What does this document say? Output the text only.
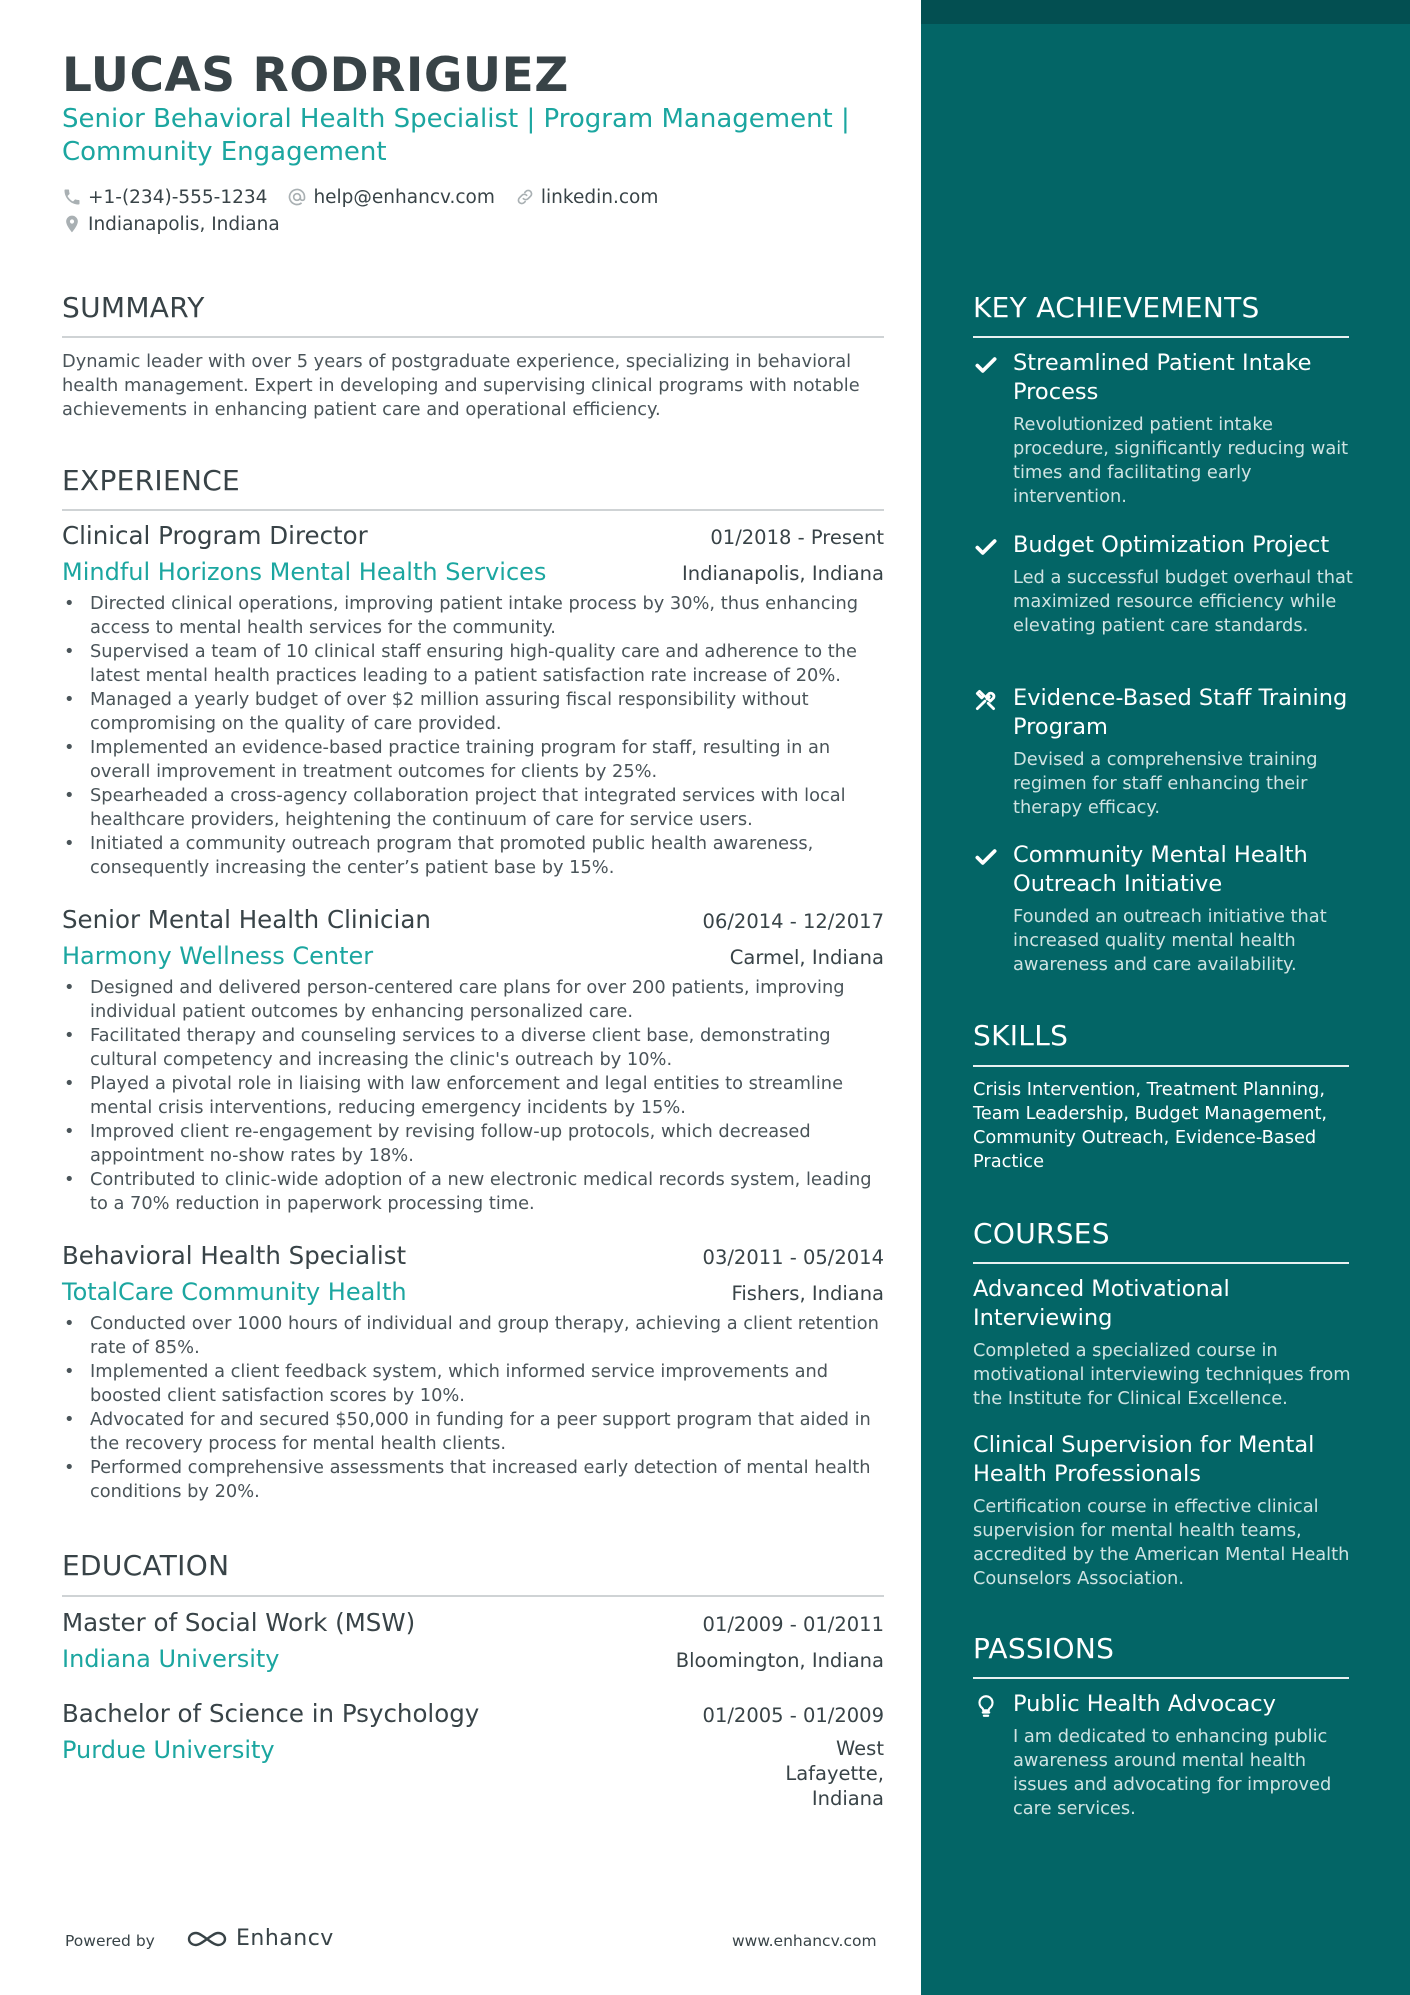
LUCAS RODRIGUEZ
Senior Behavioral Health Specialist | Program Management | Community Engagement
+1-(234)-555-1234 help@enhancv.com linkedin.com
Indianapolis, Indiana
SUMMARY

Dynamic leader with over 5 years of postgraduate experience, specializing in behavioral health management. Expert in developing and supervising clinical programs with notable achievements in enhancing patient care and operational efficiency.

EXPERIENCE
Clinical Program Director	01/2018 - Present
Mindful Horizons Mental Health Services	Indianapolis, Indiana
• Directed clinical operations, improving patient intake process by 30%, thus enhancing access to mental health services for the community.
• Supervised a team of 10 clinical staff ensuring high-quality care and adherence to the latest mental health practices leading to a patient satisfaction rate increase of 20%.
• Managed a yearly budget of over $2 million assuring fiscal responsibility without compromising on the quality of care provided.
• Implemented an evidence-based practice training program for staff, resulting in an overall improvement in treatment outcomes for clients by 25%.
• Spearheaded a cross-agency collaboration project that integrated services with local healthcare providers, heightening the continuum of care for service users.
• Initiated a community outreach program that promoted public health awareness, consequently increasing the center’s patient base by 15%.
Senior Mental Health Clinician	06/2014 - 12/2017
Harmony Wellness Center	Carmel, Indiana
• Designed and delivered person-centered care plans for over 200 patients, improving individual patient outcomes by enhancing personalized care.
• Facilitated therapy and counseling services to a diverse client base, demonstrating cultural competency and increasing the clinic's outreach by 10%.
• Played a pivotal role in liaising with law enforcement and legal entities to streamline mental crisis interventions, reducing emergency incidents by 15%.
• Improved client re-engagement by revising follow-up protocols, which decreased appointment no-show rates by 18%.
• Contributed to clinic-wide adoption of a new electronic medical records system, leading to a 70% reduction in paperwork processing time.
Behavioral Health Specialist	03/2011 - 05/2014
TotalCare Community Health	Fishers, Indiana
• Conducted over 1000 hours of individual and group therapy, achieving a client retention rate of 85%.
• Implemented a client feedback system, which informed service improvements and boosted client satisfaction scores by 10%.
• Advocated for and secured $50,000 in funding for a peer support program that aided in the recovery process for mental health clients.
• Performed comprehensive assessments that increased early detection of mental health conditions by 20%.
EDUCATION
Master of Social Work (MSW)	01/2009 - 01/2011
Indiana University	Bloomington, Indiana
Bachelor of Science in Psychology	01/2005 - 01/2009
Purdue University	West Lafayette, Indiana
Powered by	Enhancv	www.enhancv.com
KEY ACHIEVEMENTS
Streamlined Patient Intake Process
Revolutionized patient intake procedure, significantly reducing wait times and facilitating early intervention.
Budget Optimization Project
Led a successful budget overhaul that maximized resource efficiency while elevating patient care standards.
Evidence-Based Staff Training Program
Devised a comprehensive training regimen for staff enhancing their therapy efficacy.
Community Mental Health Outreach Initiative
Founded an outreach initiative that increased quality mental health awareness and care availability.
SKILLS

Crisis Intervention, Treatment Planning, Team Leadership, Budget Management, Community Outreach, Evidence-Based Practice

COURSES
Advanced Motivational Interviewing
Completed a specialized course in motivational interviewing techniques from the Institute for Clinical Excellence.
Clinical Supervision for Mental Health Professionals
Certification course in effective clinical supervision for mental health teams, accredited by the American Mental Health Counselors Association.
PASSIONS
Public Health Advocacy
I am dedicated to enhancing public awareness around mental health issues and advocating for improved care services.
